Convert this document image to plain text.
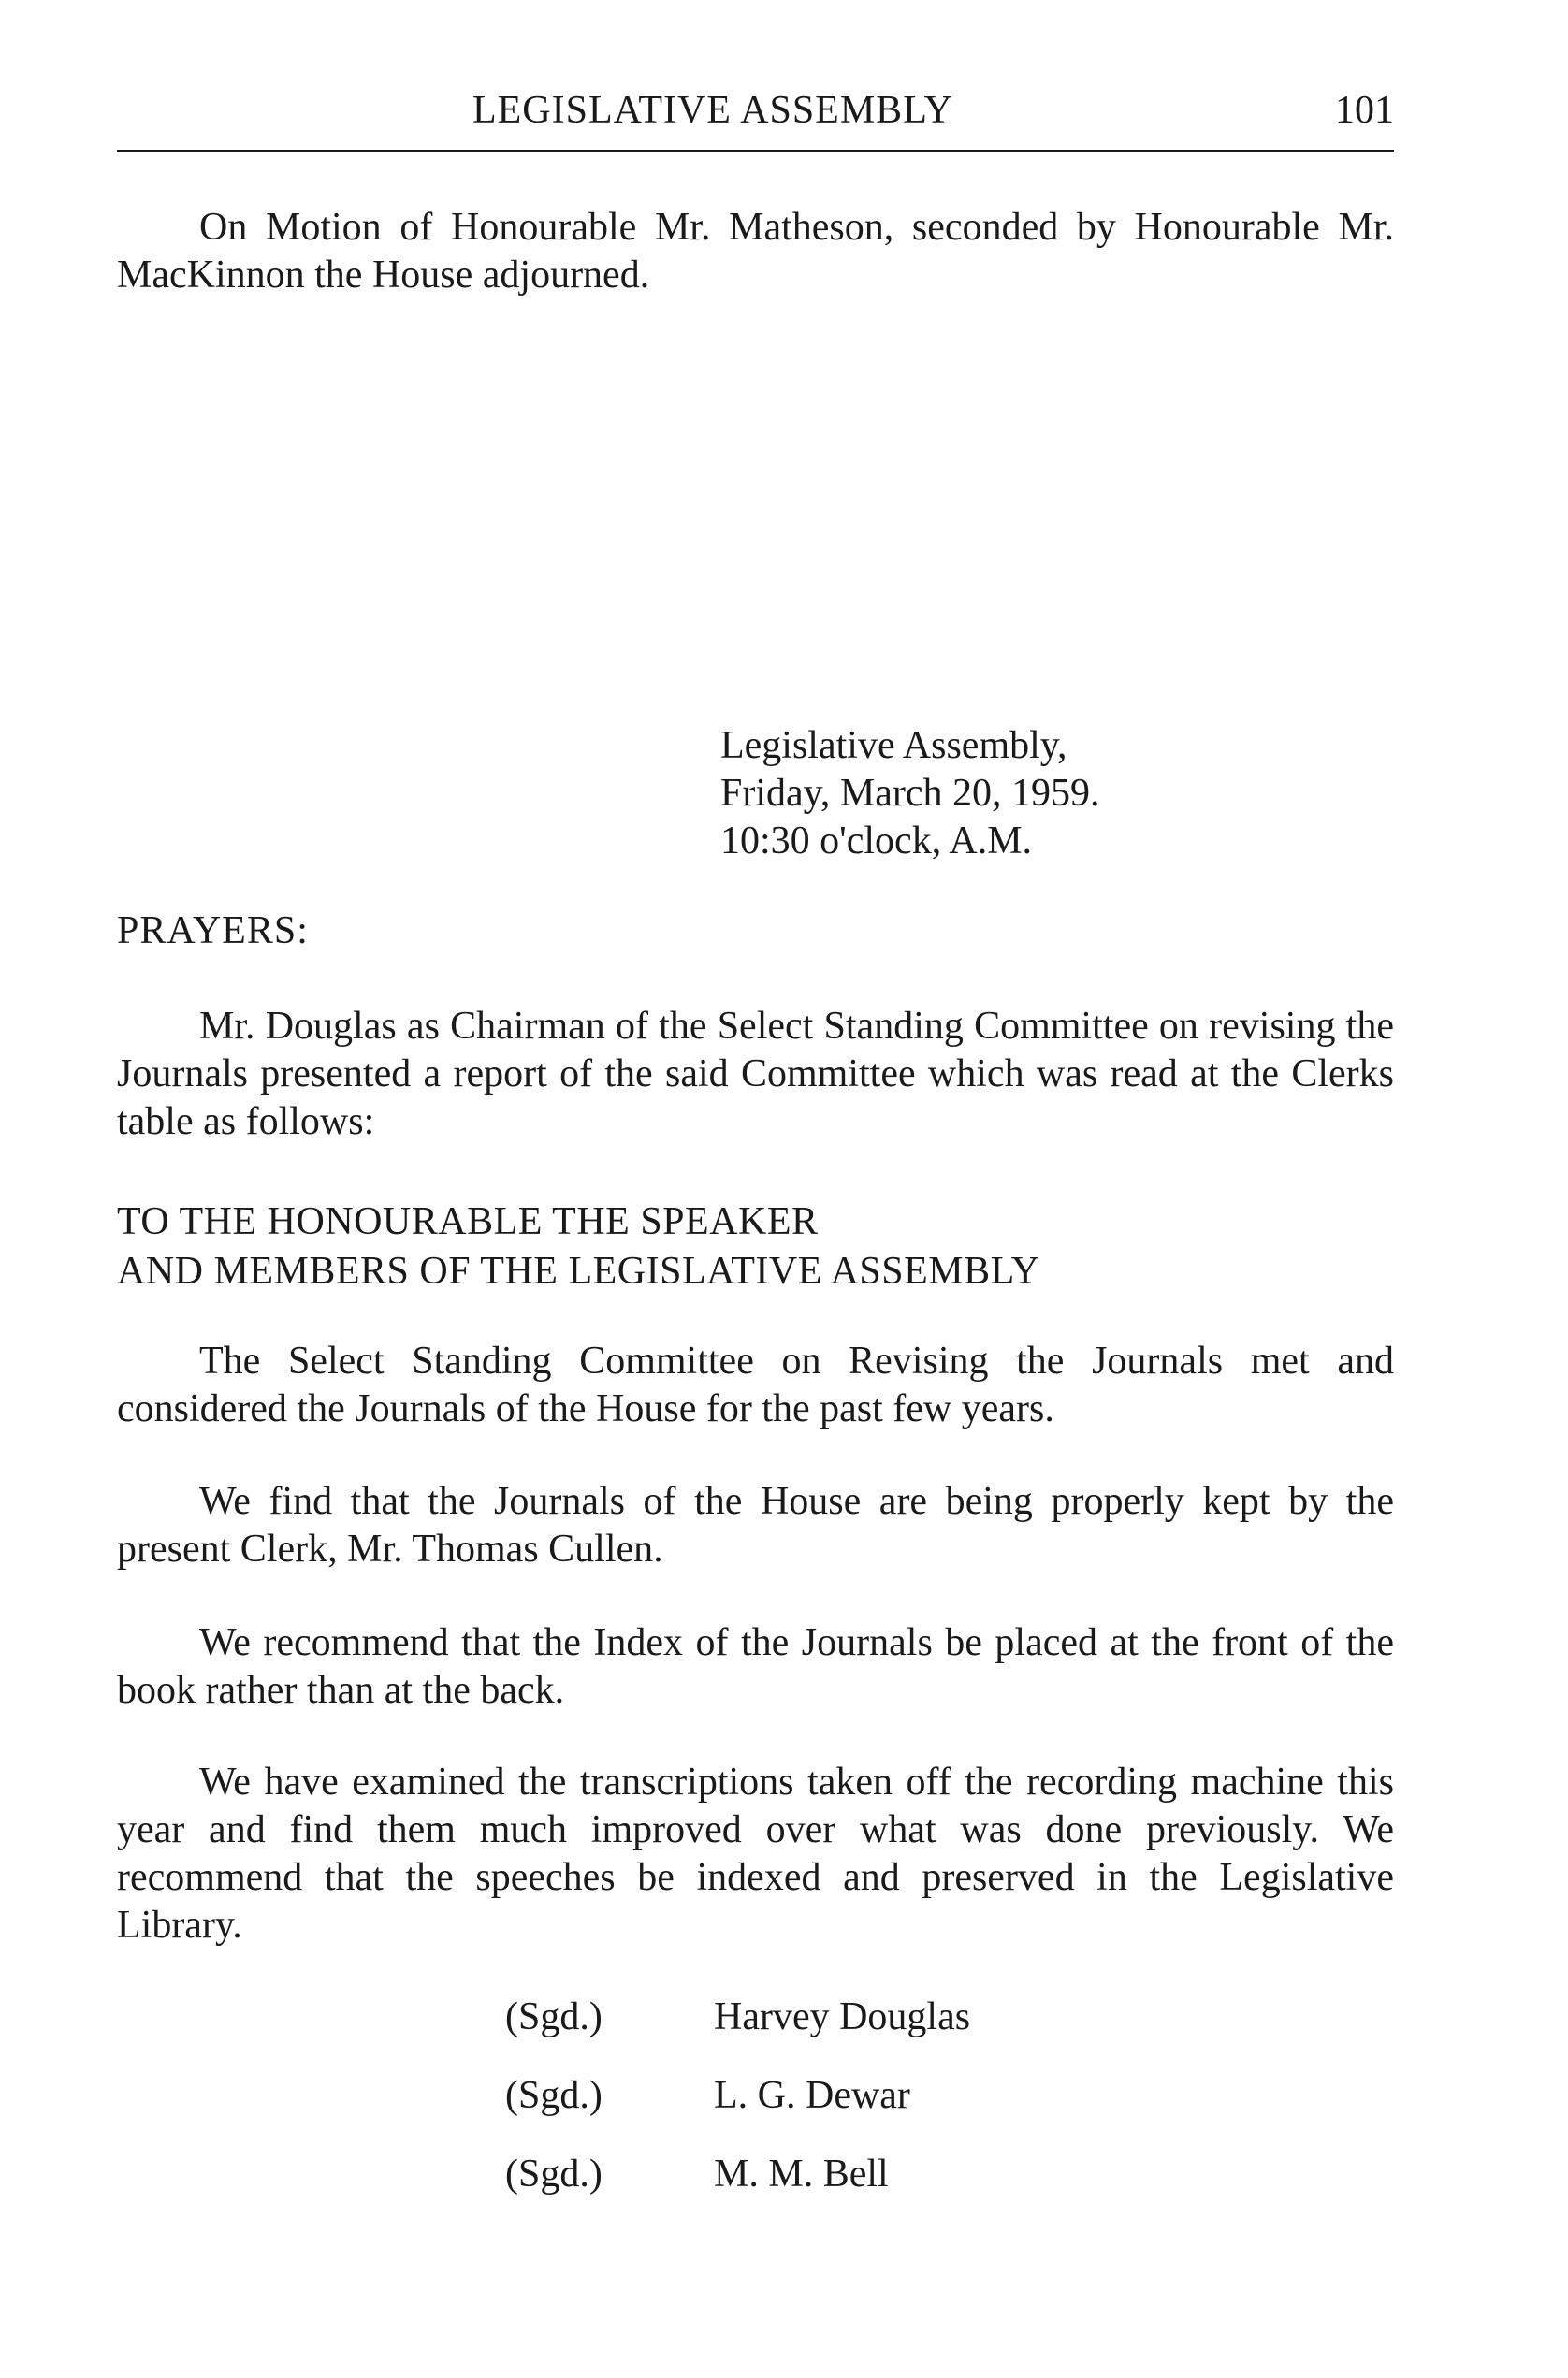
LEGISLATIVE ASSEMBLY	101

On Motion of Honourable Mr. Matheson, seconded by Honourable Mr. MacKinnon the House adjourned.

Legislative Assembly,
Friday, March 20, 1959.
10:30 o'clock, A.M.
PRAYERS:

Mr. Douglas as Chairman of the Select Standing Committee on revising the Journals presented a report of the said Committee which was read at the Clerks table as follows:

TO THE HONOURABLE THE SPEAKER
AND MEMBERS OF THE LEGISLATIVE ASSEMBLY

The Select Standing Committee on Revising the Journals met and considered the Journals of the House for the past few years.

We find that the Journals of the House are being properly kept by the present Clerk, Mr. Thomas Cullen.

We recommend that the Index of the Journals be placed at the front of the book rather than at the back.

We have examined the transcriptions taken off the recording machine this year and find them much improved over what was done previously. We recommend that the speeches be indexed and preserved in the Legislative Library.

(Sgd.)	Harvey Douglas
(Sgd.)	L. G. Dewar
(Sgd.)	M. M. Bell
